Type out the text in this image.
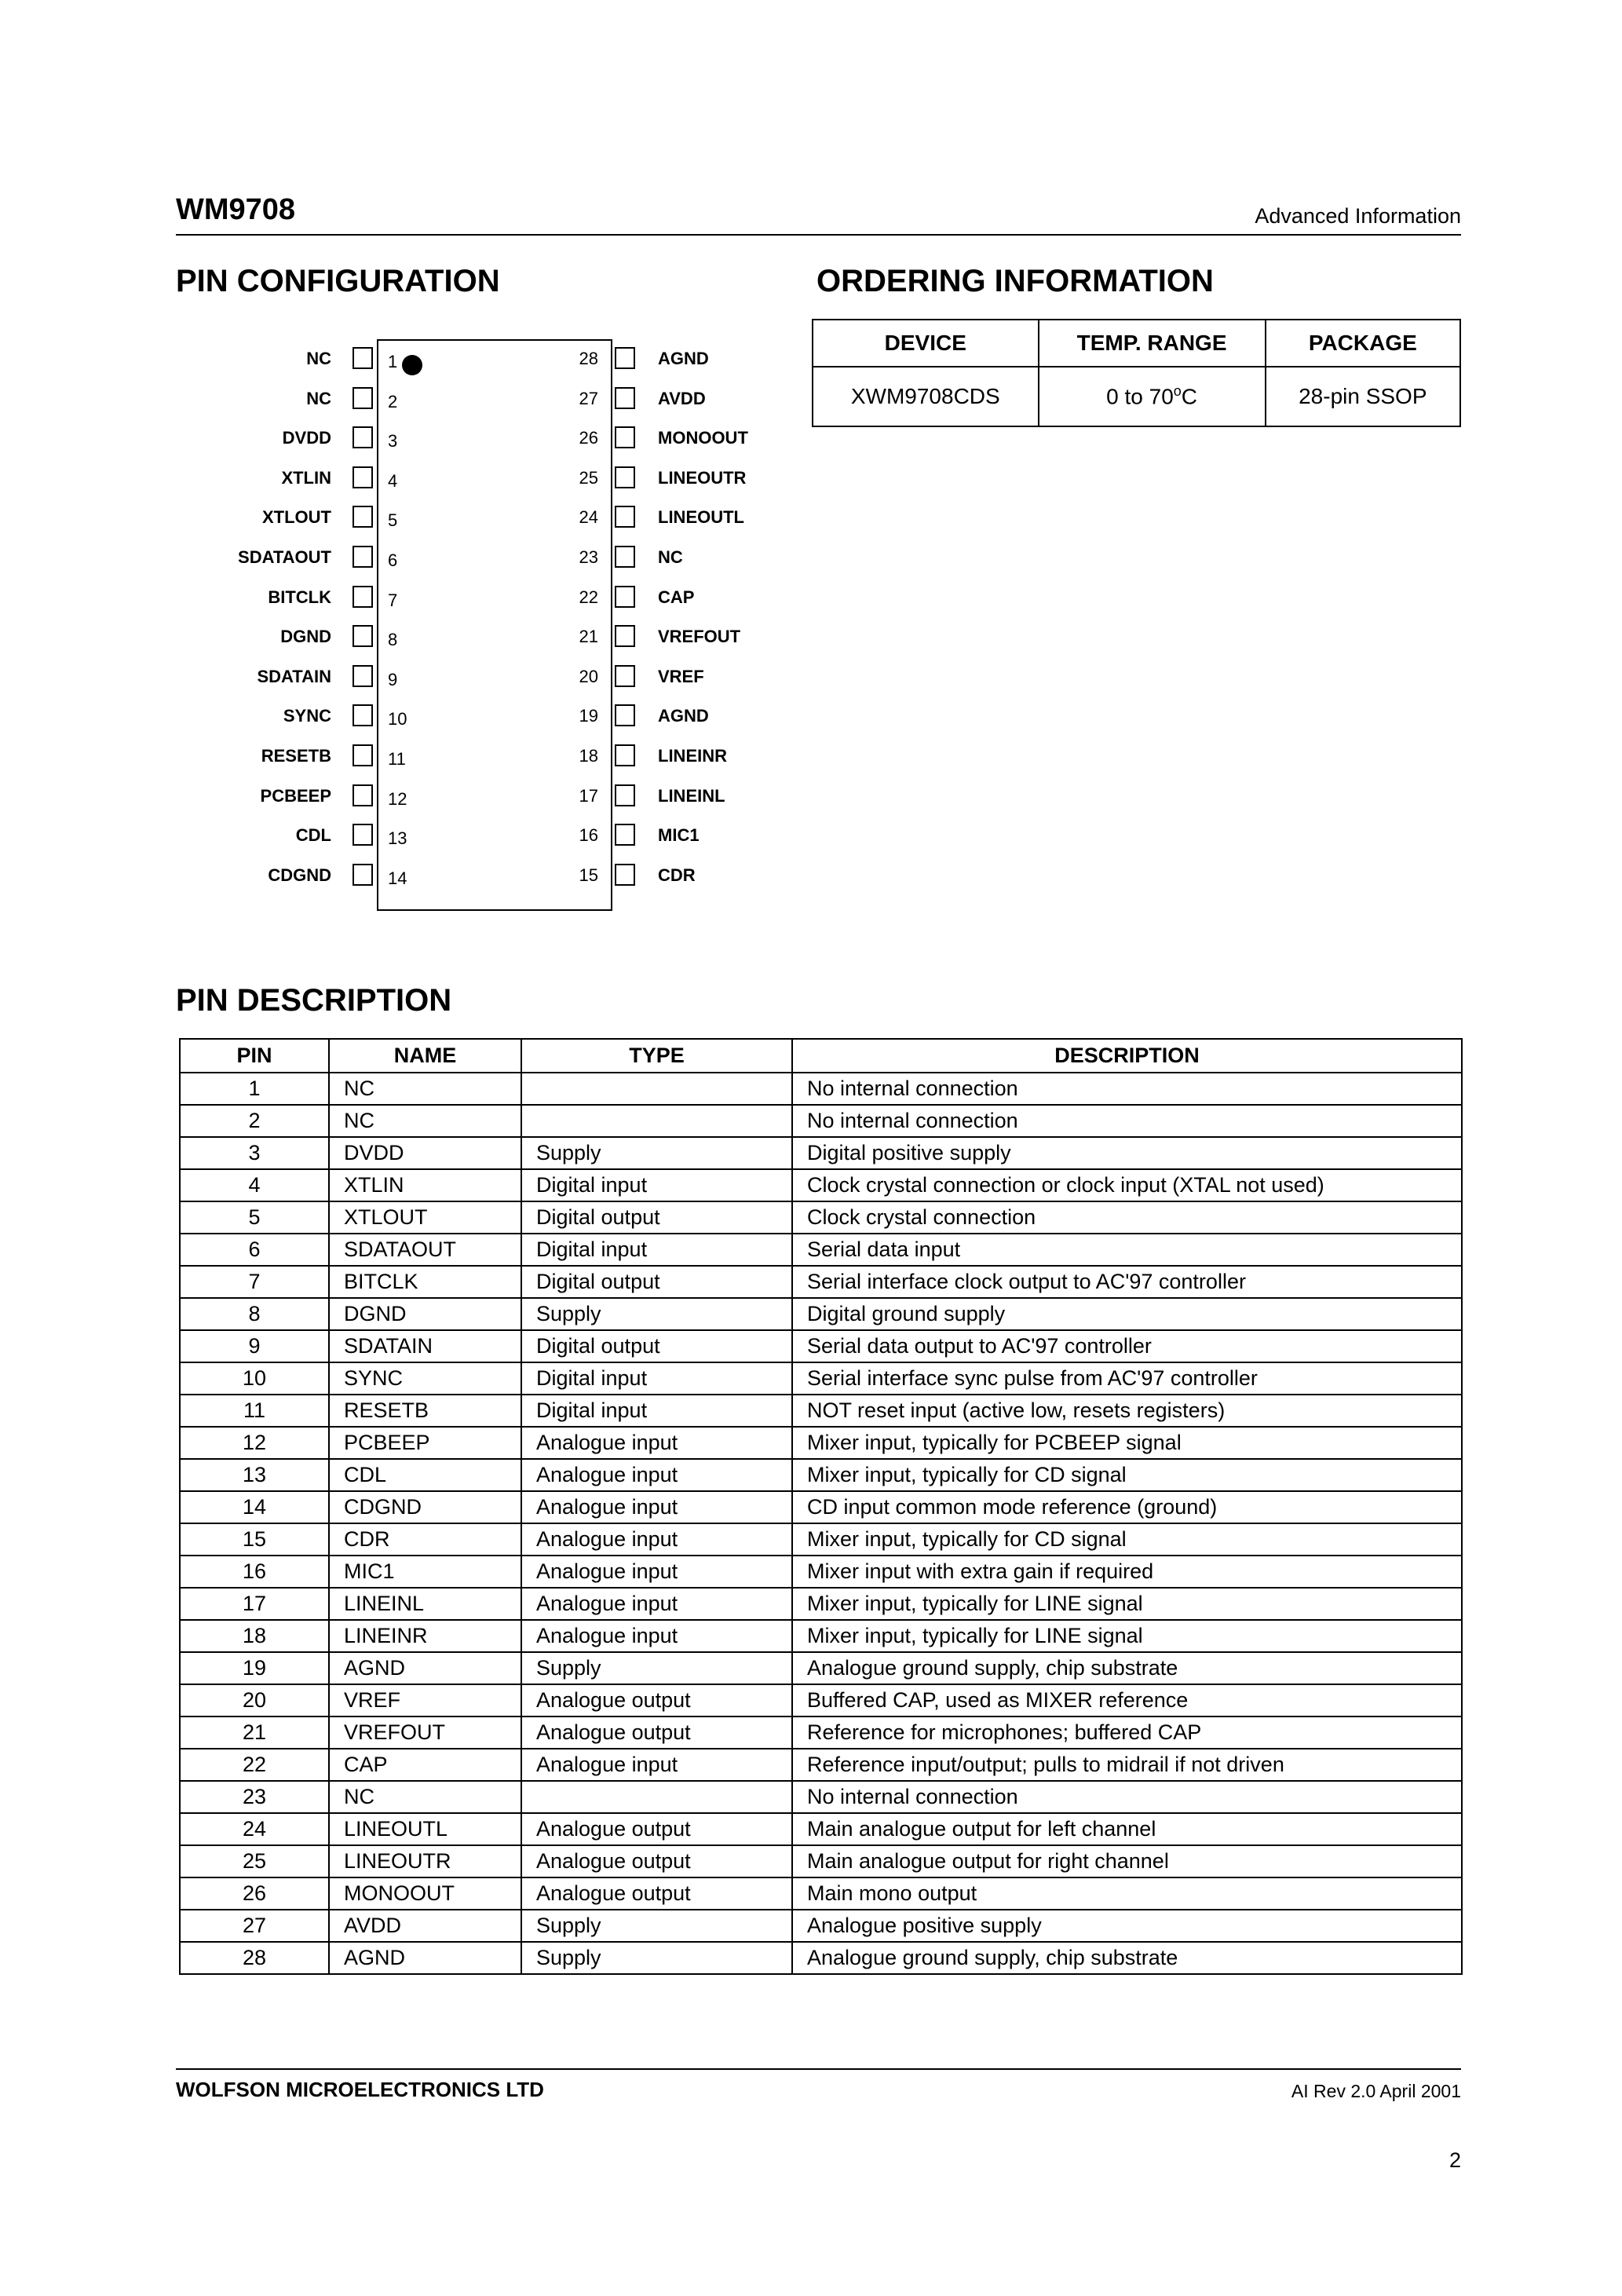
WM9708	Advanced Information
PIN CONFIGURATION	ORDERING INFORMATION
PIN DESCRIPTION
NC	1
NC	2
DVDD	3
XTLIN	4
XTLOUT	5
SDATAOUT	6
BITCLK	7
DGND	8
SDATAIN	9
SYNC	10
RESETB	11
PCBEEP	12
CDL	13
CDGND	14
28	AGND
27	AVDD
26	MONOOUT
25	LINEOUTR
24	LINEOUTL
23	NC
22	CAP
21	VREFOUT
20	VREF
19	AGND
18	LINEINR
17	LINEINL
16	MIC1
15	CDR
DEVICE	TEMP. RANGE	PACKAGE
XWM9708CDS	0 to 70$^o$C	28-pin SSOP
PIN	NAME	TYPE	DESCRIPTION
1	NC		No internal connection
2	NC		No internal connection
3	DVDD	Supply	Digital positive supply
4	XTLIN	Digital input	Clock crystal connection or clock input (XTAL not used)
5	XTLOUT	Digital output	Clock crystal connection
6	SDATAOUT	Digital input	Serial data input
7	BITCLK	Digital output	Serial interface clock output to AC'97 controller
8	DGND	Supply	Digital ground supply
9	SDATAIN	Digital output	Serial data output to AC'97 controller
10	SYNC	Digital input	Serial interface sync pulse from AC'97 controller
11	RESETB	Digital input	NOT reset input (active low, resets registers)
12	PCBEEP	Analogue input	Mixer input, typically for PCBEEP signal
13	CDL	Analogue input	Mixer input, typically for CD signal
14	CDGND	Analogue input	CD input common mode reference (ground)
15	CDR	Analogue input	Mixer input, typically for CD signal
16	MIC1	Analogue input	Mixer input with extra gain if required
17	LINEINL	Analogue input	Mixer input, typically for LINE signal
18	LINEINR	Analogue input	Mixer input, typically for LINE signal
19	AGND	Supply	Analogue ground supply, chip substrate
20	VREF	Analogue output	Buffered CAP, used as MIXER reference
21	VREFOUT	Analogue output	Reference for microphones; buffered CAP
22	CAP	Analogue input	Reference input/output; pulls to midrail if not driven
23	NC		No internal connection
24	LINEOUTL	Analogue output	Main analogue output for left channel
25	LINEOUTR	Analogue output	Main analogue output for right channel
26	MONOOUT	Analogue output	Main mono output
27	AVDD	Supply	Analogue positive supply
28	AGND	Supply	Analogue ground supply, chip substrate
WOLFSON MICROELECTRONICS LTD	AI Rev 2.0 April 2001
2
